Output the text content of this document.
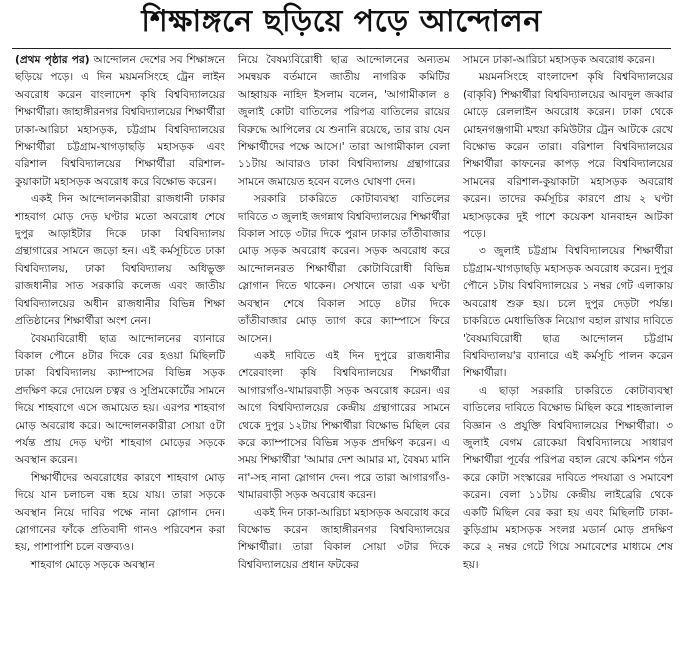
শিক্ষাঙ্গনে ছড়িয়ে পড়ে আন্দোলন

(প্রথম পৃষ্ঠার পর) আন্দোলন দেশের সব শিক্ষাঙ্গনে ছড়িয়ে পড়ে। এ দিন ময়মনসিংহে ট্রেন লাইন অবরোধ করেন বাংলাদেশ কৃষি বিশ্ববিদ্যালয়ের শিক্ষার্থীরা। জাহাঙ্গীরনগর বিশ্ববিদ্যালয়ের শিক্ষার্থীরা ঢাকা-আরিচা মহাসড়ক, চট্টগ্রাম বিশ্ববিদ্যালয়ের শিক্ষার্থীরা চট্টগ্রাম-খাগড়াছড়ি মহাসড়ক এবং বরিশাল বিশ্ববিদ্যালয়ের শিক্ষার্থীরা বরিশাল-কুয়াকাটা মহাসড়ক অবরোধ করে বিক্ষোভ করেন।

একই দিন আন্দোলনকারীরা রাজধানী ঢাকার শাহবাগ মোড় দেড় ঘণ্টার মতো অবরোধ শেষে দুপুর আড়াইটার দিকে ঢাকা বিশ্ববিদ্যালয় গ্রন্থাগারের সামনে জড়ো হন। এই কর্মসূচিতে ঢাকা বিশ্ববিদ্যালয়, ঢাকা বিশ্ববিদ্যালয় অধিভুক্ত রাজধানীর সাত সরকারি কলেজ এবং জাতীয় বিশ্ববিদ্যালয়ের অধীন রাজধানীর বিভিন্ন শিক্ষা প্রতিষ্ঠানের শিক্ষার্থীরা অংশ নেন।

বৈষম্যবিরোধী ছাত্র আন্দোলনের ব্যানারে বিকাল পৌনে ৪টার দিকে বের হওয়া মিছিলটি ঢাকা বিশ্ববিদ্যালয় ক্যাম্পাসের বিভিন্ন সড়ক প্রদক্ষিণ করে দোয়েল চত্বর ও সুপ্রিমকোর্টের সামনে দিয়ে শাহবাগে এসে জমায়েত হয়। এরপর শাহবাগ মোড় অবরোধ করে। আন্দোলনকারীরা সোয়া ৫টা পর্যন্ত প্রায় দেড় ঘণ্টা শাহবাগ মোড়ের সড়কে অবস্থান করেন।

শিক্ষার্থীদের অবরোধের কারণে শাহবাগ মোড় দিয়ে যান চলাচল বন্ধ হয়ে যায়। তারা সড়কে অবস্থান নিয়ে দাবির পক্ষে নানা স্লোগান দেন। স্লোগানের ফাঁকে প্রতিবাদী গানও পরিবেশন করা হয়, পাশাপাশি চলে বক্তব্যও।

শাহবাগ মোড়ে সড়কে অবস্থান

নিয়ে বৈষম্যবিরোধী ছাত্র আন্দোলনের অন্যতম সমন্বয়ক বর্তমানে জাতীয় নাগরিক কমিটির আহ্বায়ক নাহিদ ইসলাম বলেন, 'আগামীকাল ৪ জুলাই কোটা বাতিলের পরিপত্র বাতিলের রায়ের বিরুদ্ধে আপিলের যে শুনানি রয়েছে, তার রায় যেন শিক্ষার্থীদের পক্ষে আসে।' তারা আগামীকাল বেলা ১১টায় আবারও ঢাকা বিশ্ববিদ্যালয় গ্রন্থাগারের সামনে জমায়েত হবেন বলেও ঘোষণা দেন।

সরকারি চাকরিতে কোটাব্যবস্থা বাতিলের দাবিতে ৩ জুলাই জগন্নাথ বিশ্ববিদ্যালয়ের শিক্ষার্থীরা বিকাল সাড়ে ৩টার দিকে পুরান ঢাকার তাঁতীবাজার মোড় সড়ক অবরোধ করেন। সড়ক অবরোধ করে আন্দোলনরত শিক্ষার্থীরা কোটাবিরোধী বিভিন্ন স্লোগান দিতে থাকেন। সেখানে তারা এক ঘণ্টা অবস্থান শেষে বিকাল সাড়ে ৪টার দিকে তাঁতীবাজার মোড় ত্যাগ করে ক্যাম্পাসে ফিরে আসেন।

একই দাবিতে এই দিন দুপুরে রাজধানীর শেরেবাংলা কৃষি বিশ্ববিদ্যালয়ের শিক্ষার্থীরা আগারগাঁও-খামারবাড়ী সড়ক অবরোধ করেন। এর আগে বিশ্ববিদ্যালয়ের কেন্দ্রীয় গ্রন্থাগারের সামনে থেকে দুপুর ১২টায় শিক্ষার্থীরা বিক্ষোভ মিছিল বের করে ক্যাম্পাসের বিভিন্ন সড়ক প্রদক্ষিণ করেন। এ সময় শিক্ষার্থীরা 'আমার দেশ আমার মা, বৈষম্য মানি না'-সহ নানা স্লোগান দেন। পরে তারা আগারগাঁও-খামারবাড়ী সড়ক অবরোধ করেন।

একই দিন ঢাকা-আরিচা মহাসড়ক অবরোধ করে বিক্ষোভ করেন জাহাঙ্গীরনগর বিশ্ববিদ্যালয়ের শিক্ষার্থীরা। তারা বিকাল সোয়া ৩টার দিকে বিশ্ববিদ্যালয়ের প্রধান ফটকের

সামনে ঢাকা-আরিচা মহাসড়ক অবরোধ করেন।

ময়মনসিংহে বাংলাদেশ কৃষি বিশ্ববিদ্যালয়ের (বাকৃবি) শিক্ষার্থীরা বিশ্ববিদ্যালয়ের আবদুল জব্বার মোড়ে রেললাইন অবরোধ করেন। ঢাকা থেকে মোহনগঞ্জগামী মহুয়া কমিউটার ট্রেন আটকে রেখে বিক্ষোভ করেন তারা। বরিশাল বিশ্ববিদ্যালয়ের শিক্ষার্থীরা কাফনের কাপড় পরে বিশ্ববিদ্যালয়ের সামনের বরিশাল-কুয়াকাটা মহাসড়ক অবরোধ করেন। তাদের কর্মসূচির কারণে প্রায় ২ ঘণ্টা মহাসড়কের দুই পাশে কয়েকশ যানবাহন আটকা পড়ে।

৩ জুলাই চট্টগ্রাম বিশ্ববিদ্যালয়ের শিক্ষার্থীরা চট্টগ্রাম-খাগড়াছড়ি মহাসড়ক অবরোধ করেন। দুপুর পৌনে ১টায় বিশ্ববিদ্যালয়ের ১ নম্বর গেট এলাকায় অবরোধ শুরু হয়। চলে দুপুর দেড়টা পর্যন্ত। চাকরিতে মেধাভিত্তিক নিয়োগ বহাল রাখার দাবিতে 'বৈষম্যবিরোধী ছাত্র আন্দোলন চট্টগ্রাম বিশ্ববিদ্যালয়'র ব্যানারে এই কর্মসূচি পালন করেন শিক্ষার্থীরা।

এ ছাড়া সরকারি চাকরিতে কোটাব্যবস্থা বাতিলের দাবিতে বিক্ষোভ মিছিল করে শাহজালাল বিজ্ঞান ও প্রযুক্তি বিশ্ববিদ্যালয়ের শিক্ষার্থীরা। ৩ জুলাই বেগম রোকেয়া বিশ্ববিদ্যালয়ে সাধারণ শিক্ষার্থীরা পূর্বের পরিপত্র বহাল রেখে কমিশন গঠন করে কোটা সংস্কারের দাবিতে পদযাত্রা ও সমাবেশ করেন। বেলা ১১টায় কেন্দ্রীয় লাইব্রেরি থেকে একটি মিছিল বের করা হয় এবং মিছিলটি ঢাকা-কুড়িগ্রাম মহাসড়ক সংলগ্ন মডার্ন মোড় প্রদক্ষিণ করে ২ নম্বর গেটে গিয়ে সমাবেশের মাধ্যমে শেষ হয়।
